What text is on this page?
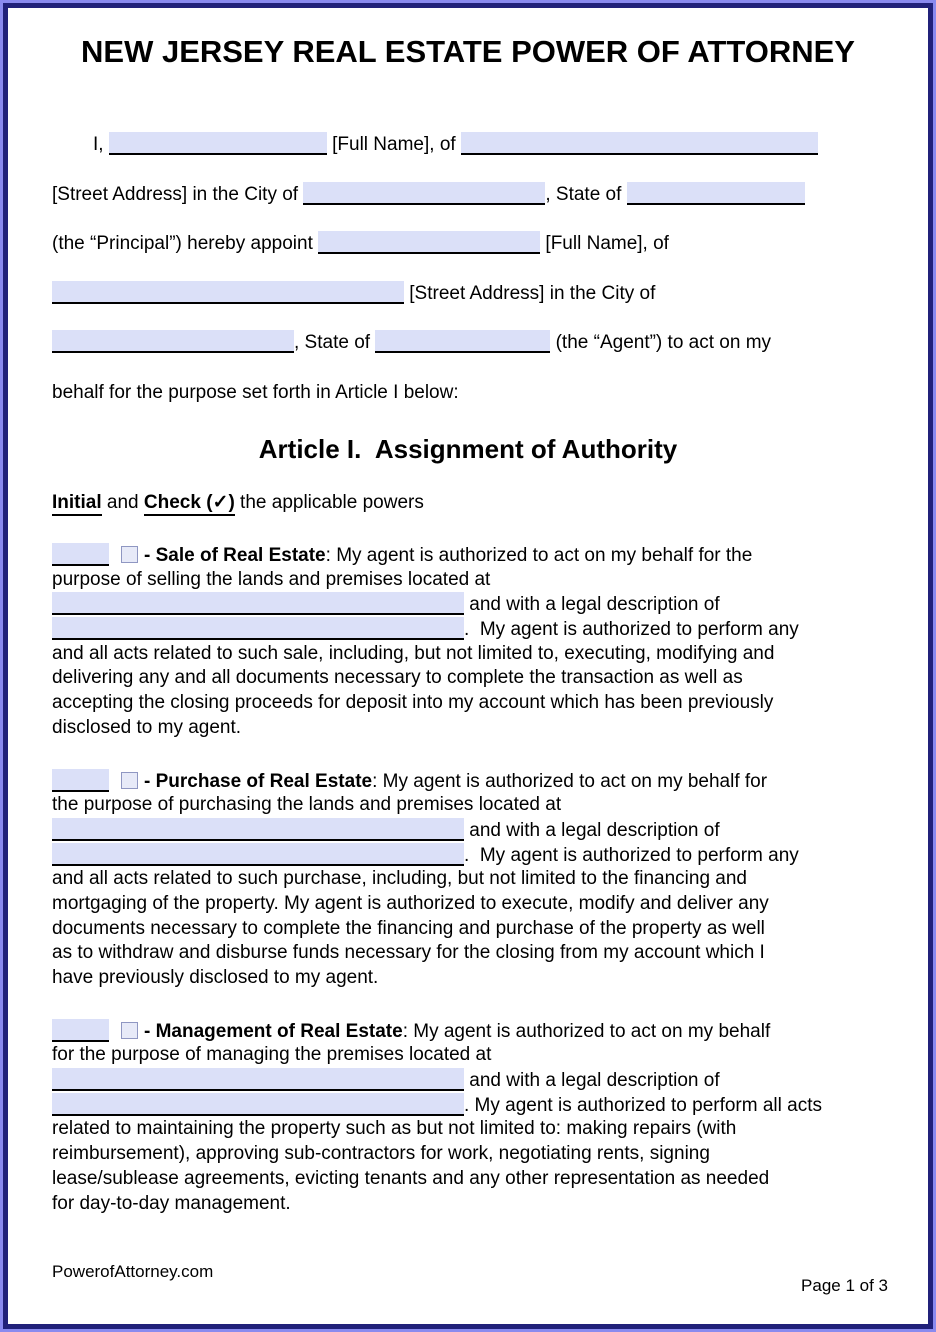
NEW JERSEY REAL ESTATE POWER OF ATTORNEY
I,	[Full Name], of
[Street Address] in the City of	, State of
(the “Principal”) hereby appoint	[Full Name], of
[Street Address] in the City of
, State of	(the “Agent”) to act on my
behalf for the purpose set forth in Article I below:
Article I.  Assignment of Authority
Initial and Check (✓) the applicable powers
- Sale of Real Estate: My agent is authorized to act on my behalf for the
purpose of selling the lands and premises located at
and with a legal description of
.  My agent is authorized to perform any
and all acts related to such sale, including, but not limited to, executing, modifying and
delivering any and all documents necessary to complete the transaction as well as
accepting the closing proceeds for deposit into my account which has been previously
disclosed to my agent.
- Purchase of Real Estate: My agent is authorized to act on my behalf for
the purpose of purchasing the lands and premises located at
and with a legal description of
.  My agent is authorized to perform any
and all acts related to such purchase, including, but not limited to the financing and
mortgaging of the property. My agent is authorized to execute, modify and deliver any
documents necessary to complete the financing and purchase of the property as well
as to withdraw and disburse funds necessary for the closing from my account which I
have previously disclosed to my agent.
- Management of Real Estate: My agent is authorized to act on my behalf
for the purpose of managing the premises located at
and with a legal description of
. My agent is authorized to perform all acts
related to maintaining the property such as but not limited to: making repairs (with
reimbursement), approving sub-contractors for work, negotiating rents, signing
lease/sublease agreements, evicting tenants and any other representation as needed
for day-to-day management.
PowerofAttorney.com
Page 1 of 3
